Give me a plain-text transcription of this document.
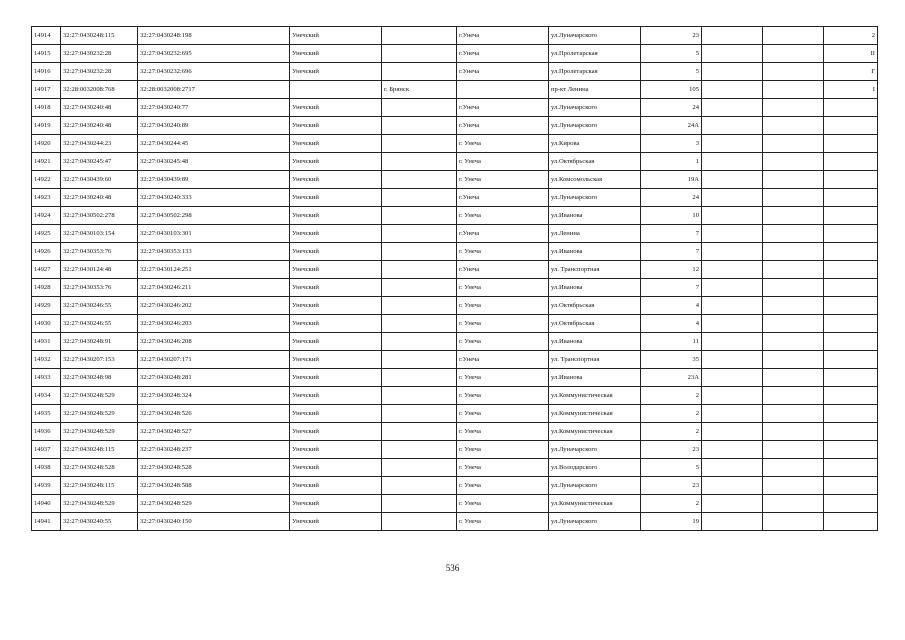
14914	32:27:0430248:115	32:27:0430248:198	Унечский		г.Унеча	ул.Луначарского	23			2
14915	32:27:0430232:28	32:27:0430232:695	Унечский		г.Унеча	ул.Пролетарская	5			II
14916	32:27:0430232:28	32:27:0430232:696	Унечский		г.Унеча	ул.Пролетарская	5			Г
14917	32:28:0032008:768	32:28:0032008:2717		г. Брянск		пр-кт Ленина	105			I
14918	32:27:0430240:48	32:27:0430240:77	Унечский		г.Унеча	ул.Луначарского	24			
14919	32:27:0430240:48	32:27:0430240:89	Унечский		г.Унеча	ул.Луначарского	24А			
14920	32:27:0430244:23	32:27:0430244:45	Унечский		г. Унеча	ул.Кирова	3			
14921	32:27:0430245:47	32:27:0430245:48	Унечский		г. Унеча	ул.Октябрьская	1			
14922	32:27:0430439:60	32:27:0430439:89	Унечский		г. Унеча	ул.Комсомольская	19А			
14923	32:27:0430240:48	32:27:0430240:333	Унечский		г.Унеча	ул.Луначарского	24			
14924	32:27:0430502:278	32:27:0430502:298	Унечский		г. Унеча	ул.Иванова	10			
14925	32:27:0430103:154	32:27:0430103:301	Унечский		г.Унеча	ул.Ленина	7			
14926	32:27:0430353:76	32:27:0430353:133	Унечский		г. Унеча	ул.Иванова	7			
14927	32:27:0430124:48	32:27:0430124:251	Унечский		г.Унеча	ул. Транспортная	12			
14928	32:27:0430353:76	32:27:0430246:211	Унечский		г. Унеча	ул.Иванова	7			
14929	32:27:0430246:55	32:27:0430246:202	Унечский		г. Унеча	ул.Октябрьская	4			
14930	32:27:0430246:55	32:27:0430246:203	Унечский		г. Унеча	ул.Октябрьская	4			
14931	32:27:0430248:91	32:27:0430246:208	Унечский		г. Унеча	ул.Иванова	11			
14932	32:27:0430207:153	32:27:0430207:171	Унечский		г.Унеча	ул. Транспортная	35			
14933	32:27:0430248:98	32:27:0430248:281	Унечский		г. Унеча	ул.Иванова	23А			
14934	32:27:0430248:529	32:27:0430248:324	Унечский		г. Унеча	ул.Коммунистическая	2			
14935	32:27:0430248:529	32:27:0430248:526	Унечский		г. Унеча	ул.Коммунистическая	2			
14936	32:27:0430248:529	32:27:0430248:527	Унечский		г. Унеча	ул.Коммунистическая	2			
14937	32:27:0430248:115	32:27:0430248:237	Унечский		г. Унеча	ул.Луначарского	23			
14938	32:27:0430248:528	32:27:0430248:528	Унечский		г. Унеча	ул.Володарского	5			
14939	32:27:0430248:115	32:27:0430248:588	Унечский		г. Унеча	ул.Луначарского	23			
14940	32:27:0430248:529	32:27:0430248:529	Унечский		г. Унеча	ул.Коммунистическая	2			
14941	32:27:0430240:55	32:27:0430240:150	Унечский		г. Унеча	ул.Луначарского	19			
536
